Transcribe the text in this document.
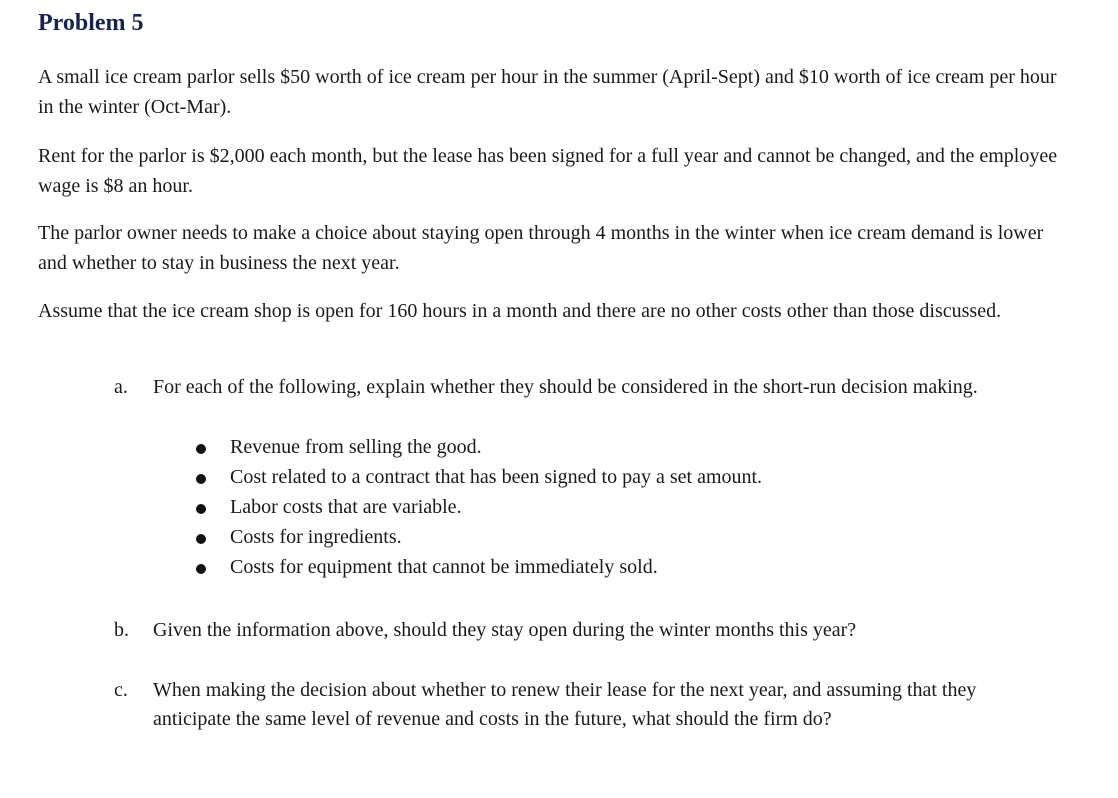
Problem 5

A small ice cream parlor sells $50 worth of ice cream per hour in the summer (April-Sept) and $10 worth of ice cream per hour in the winter (Oct-Mar).

Rent for the parlor is $2,000 each month, but the lease has been signed for a full year and cannot be changed, and the employee wage is $8 an hour.

The parlor owner needs to make a choice about staying open through 4 months in the winter when ice cream demand is lower and whether to stay in business the next year.

Assume that the ice cream shop is open for 160 hours in a month and there are no other costs other than those discussed.

a. For each of the following, explain whether they should be considered in the short-run decision making.
Revenue from selling the good.
Cost related to a contract that has been signed to pay a set amount.
Labor costs that are variable.
Costs for ingredients.
Costs for equipment that cannot be immediately sold.
b. Given the information above, should they stay open during the winter months this year?
c. When making the decision about whether to renew their lease for the next year, and assuming that they anticipate the same level of revenue and costs in the future, what should the firm do?
